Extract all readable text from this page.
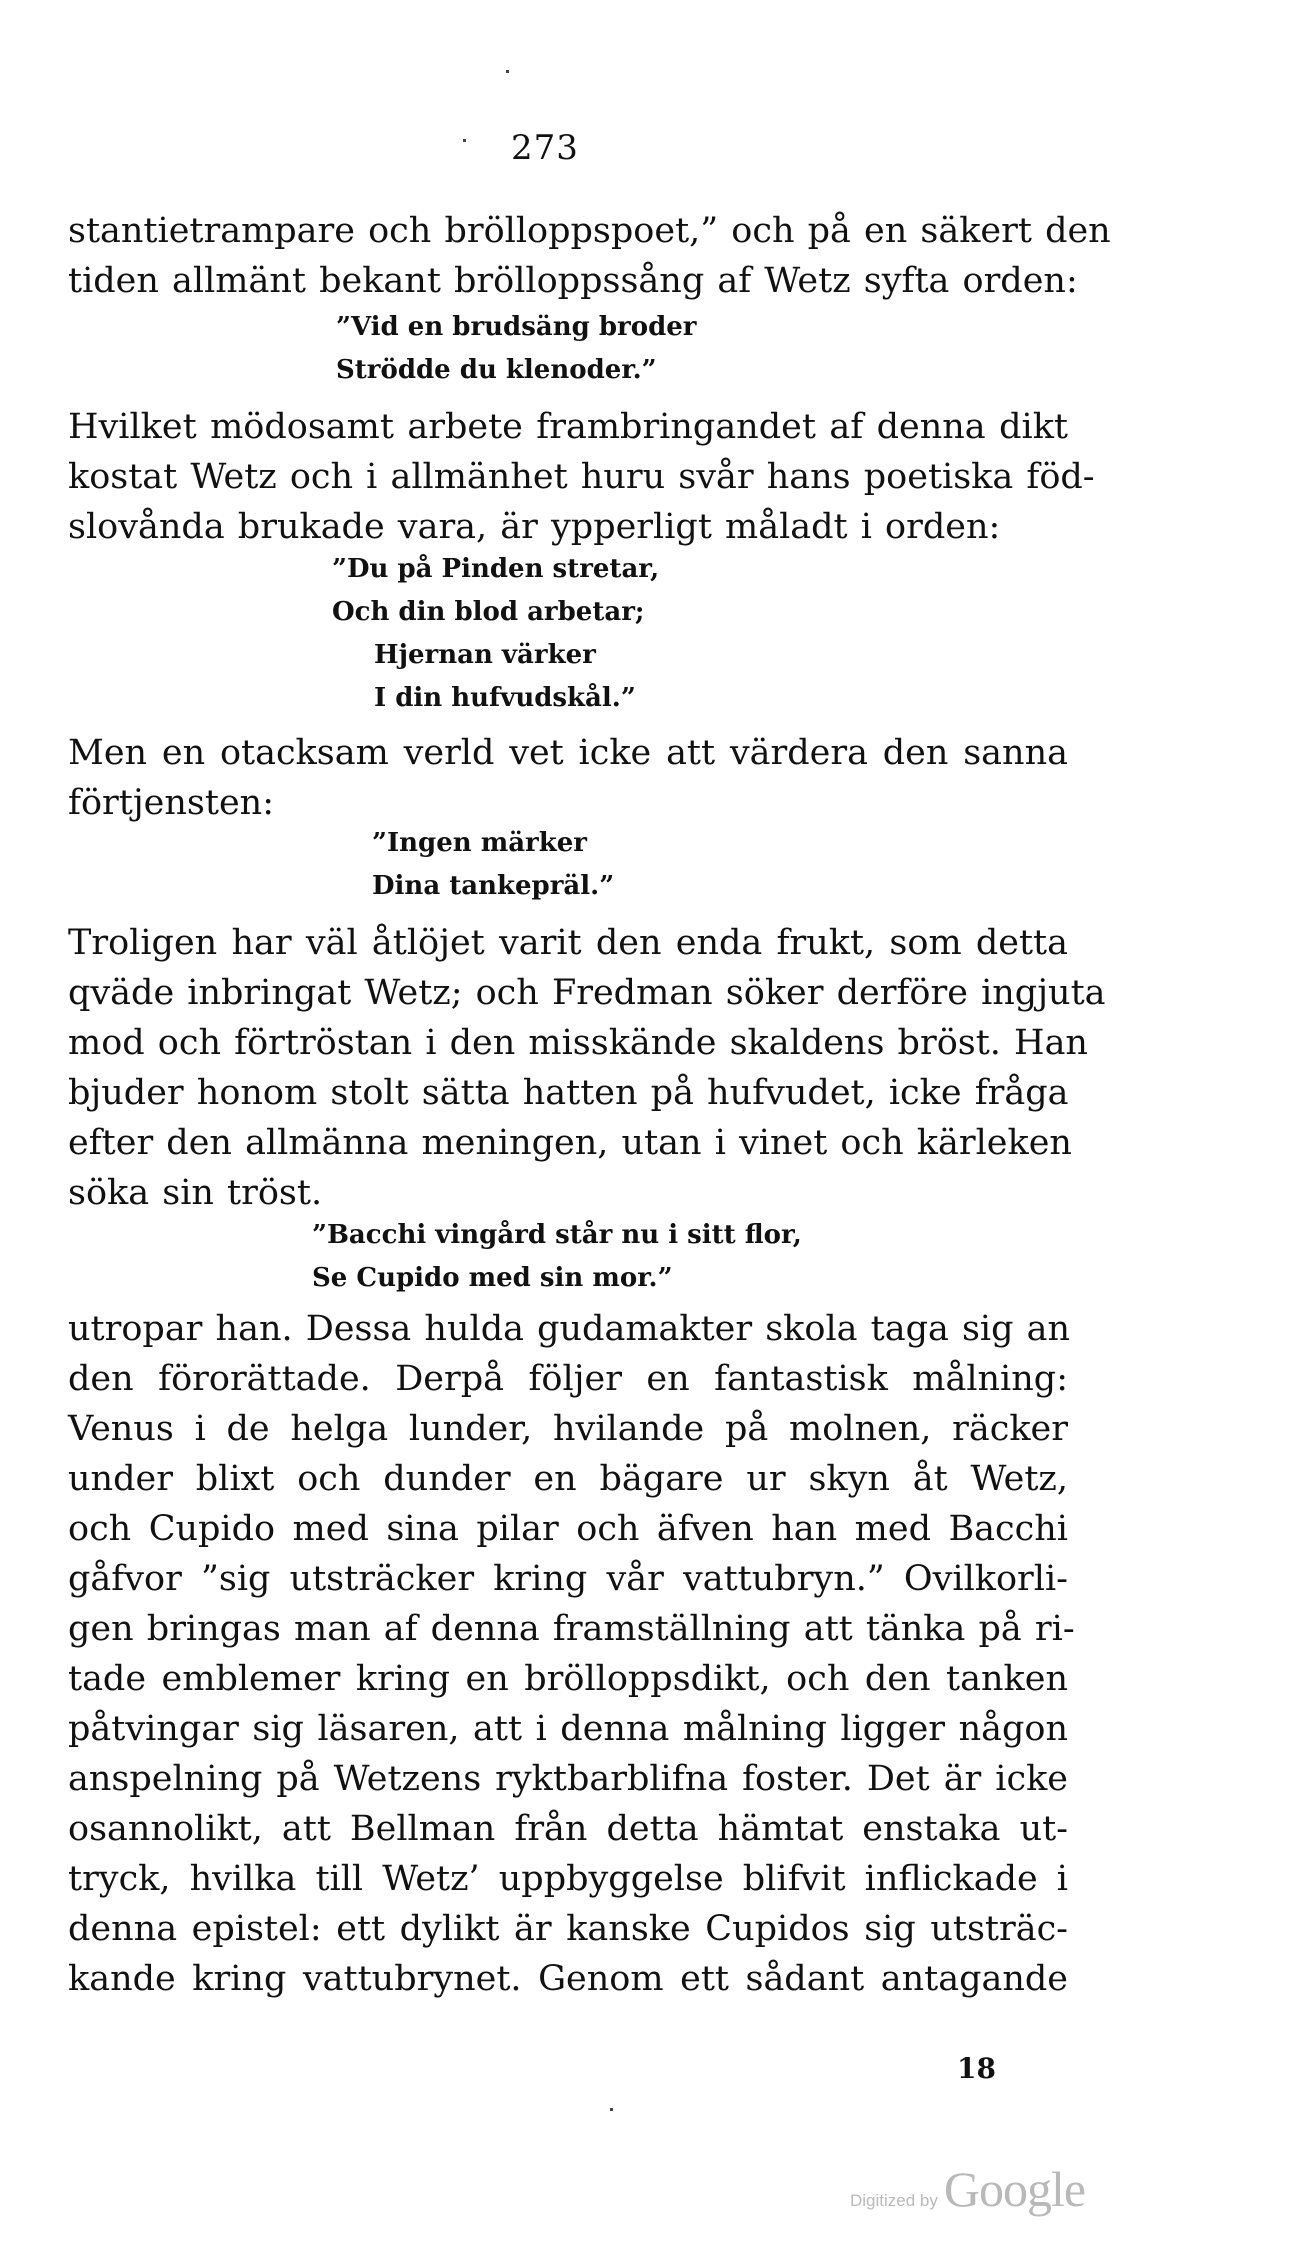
273
stantietrampare och brölloppspoet,” och på en säkert den
tiden allmänt bekant brölloppssång af Wetz syfta orden:
”Vid en brudsäng broder
Strödde du klenoder.”
Hvilket mödosamt arbete frambringandet af denna dikt
kostat Wetz och i allmänhet huru svår hans poetiska föd-
slovånda brukade vara, är ypperligt måladt i orden:
”Du på Pinden stretar,
Och din blod arbetar;
Hjernan värker
I din hufvudskål.”
Men en otacksam verld vet icke att värdera den sanna
förtjensten:
”Ingen märker
Dina tankepräl.”
Troligen har väl åtlöjet varit den enda frukt, som detta
qväde inbringat Wetz; och Fredman söker derföre ingjuta
mod och förtröstan i den misskände skaldens bröst. Han
bjuder honom stolt sätta hatten på hufvudet, icke fråga
efter den allmänna meningen, utan i vinet och kärleken
söka sin tröst.
”Bacchi vingård står nu i sitt flor,
Se Cupido med sin mor.”
utropar han. Dessa hulda gudamakter skola taga sig an
den förorättade. Derpå följer en fantastisk målning:
Venus i de helga lunder, hvilande på molnen, räcker
under blixt och dunder en bägare ur skyn åt Wetz,
och Cupido med sina pilar och äfven han med Bacchi
gåfvor ”sig utsträcker kring vår vattubryn.” Ovilkorli-
gen bringas man af denna framställning att tänka på ri-
tade emblemer kring en brölloppsdikt, och den tanken
påtvingar sig läsaren, att i denna målning ligger någon
anspelning på Wetzens ryktbarblifna foster. Det är icke
osannolikt, att Bellman från detta hämtat enstaka ut-
tryck, hvilka till Wetz’ uppbyggelse blifvit inflickade i
denna epistel: ett dylikt är kanske Cupidos sig utsträc-
kande kring vattubrynet. Genom ett sådant antagande
18
Digitized by Google
